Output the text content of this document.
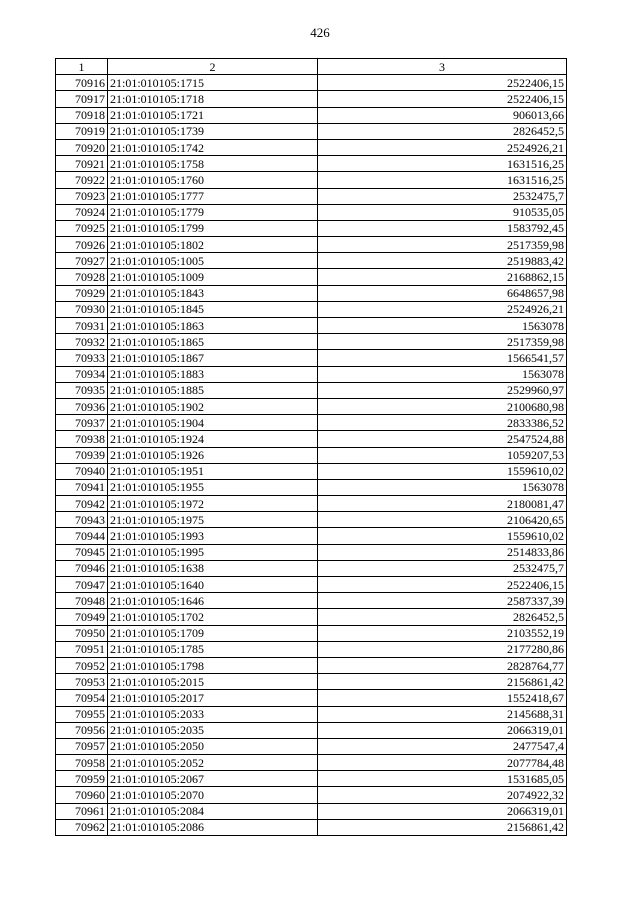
426
1	2	3
70916	21:01:010105:1715	2522406,15
70917	21:01:010105:1718	2522406,15
70918	21:01:010105:1721	906013,66
70919	21:01:010105:1739	2826452,5
70920	21:01:010105:1742	2524926,21
70921	21:01:010105:1758	1631516,25
70922	21:01:010105:1760	1631516,25
70923	21:01:010105:1777	2532475,7
70924	21:01:010105:1779	910535,05
70925	21:01:010105:1799	1583792,45
70926	21:01:010105:1802	2517359,98
70927	21:01:010105:1005	2519883,42
70928	21:01:010105:1009	2168862,15
70929	21:01:010105:1843	6648657,98
70930	21:01:010105:1845	2524926,21
70931	21:01:010105:1863	1563078
70932	21:01:010105:1865	2517359,98
70933	21:01:010105:1867	1566541,57
70934	21:01:010105:1883	1563078
70935	21:01:010105:1885	2529960,97
70936	21:01:010105:1902	2100680,98
70937	21:01:010105:1904	2833386,52
70938	21:01:010105:1924	2547524,88
70939	21:01:010105:1926	1059207,53
70940	21:01:010105:1951	1559610,02
70941	21:01:010105:1955	1563078
70942	21:01:010105:1972	2180081,47
70943	21:01:010105:1975	2106420,65
70944	21:01:010105:1993	1559610,02
70945	21:01:010105:1995	2514833,86
70946	21:01:010105:1638	2532475,7
70947	21:01:010105:1640	2522406,15
70948	21:01:010105:1646	2587337,39
70949	21:01:010105:1702	2826452,5
70950	21:01:010105:1709	2103552,19
70951	21:01:010105:1785	2177280,86
70952	21:01:010105:1798	2828764,77
70953	21:01:010105:2015	2156861,42
70954	21:01:010105:2017	1552418,67
70955	21:01:010105:2033	2145688,31
70956	21:01:010105:2035	2066319,01
70957	21:01:010105:2050	2477547,4
70958	21:01:010105:2052	2077784,48
70959	21:01:010105:2067	1531685,05
70960	21:01:010105:2070	2074922,32
70961	21:01:010105:2084	2066319,01
70962	21:01:010105:2086	2156861,42
